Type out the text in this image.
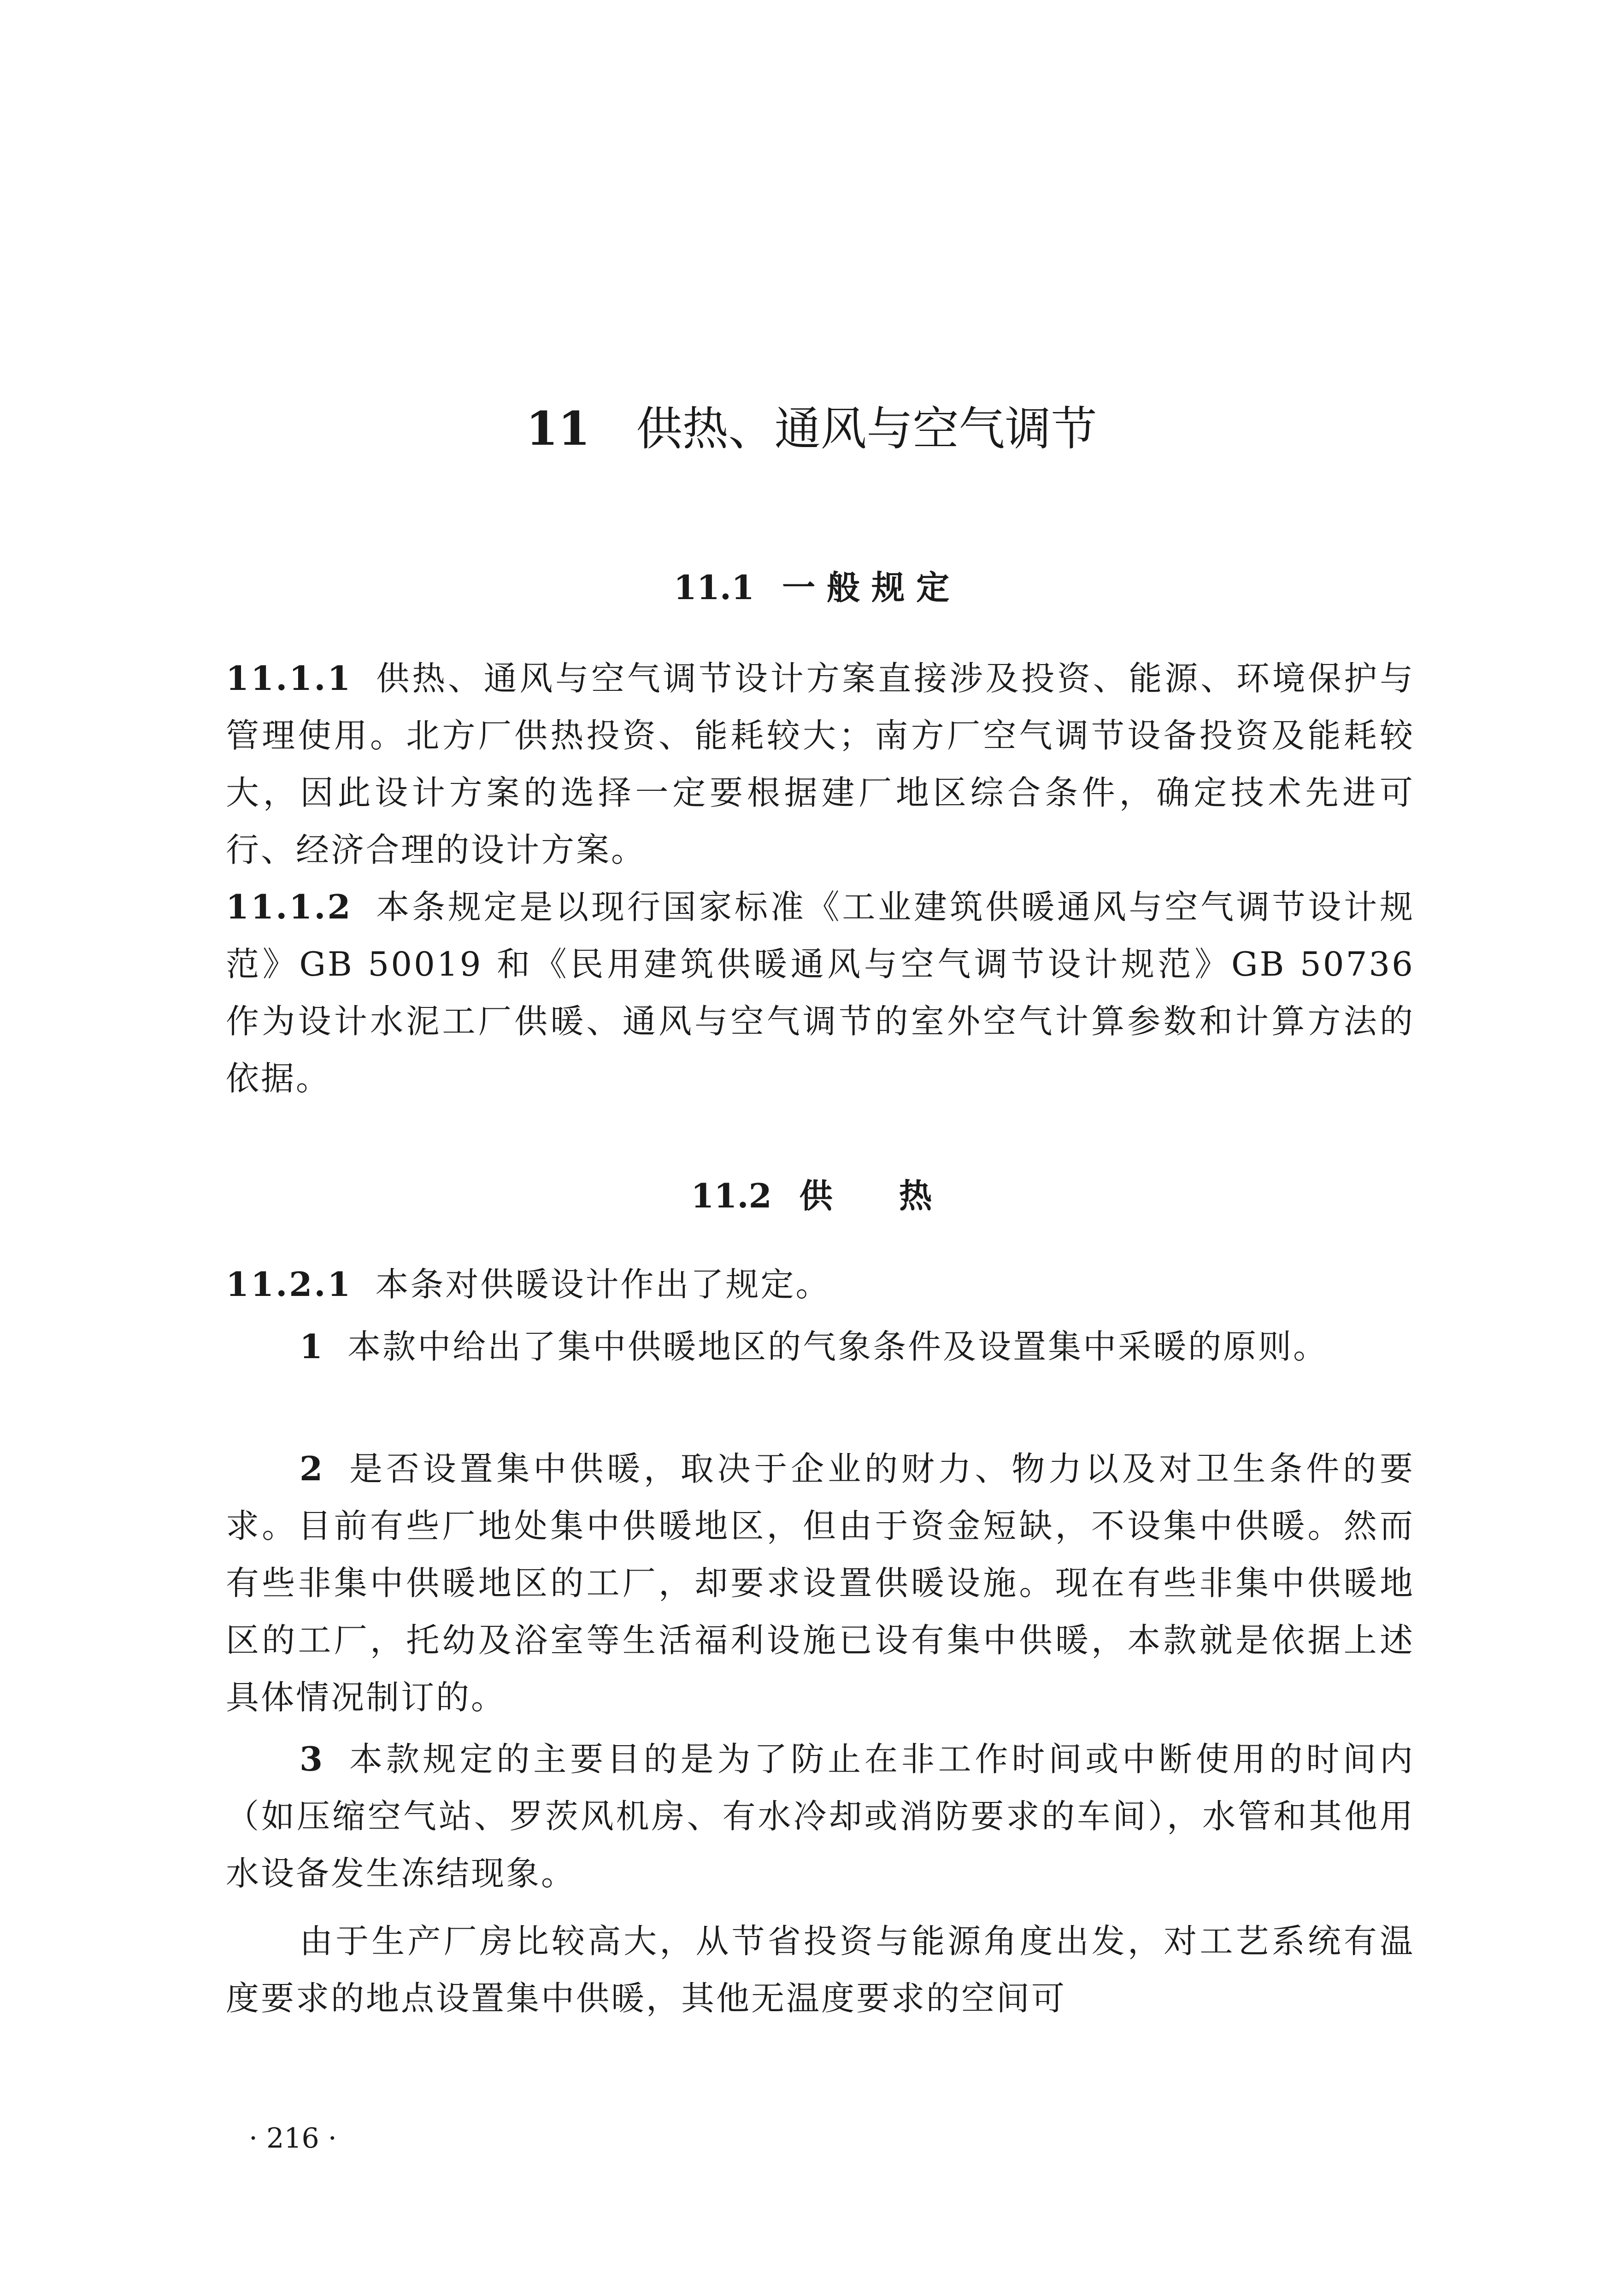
11 供热、通风与空气调节
11.1 一 般 规 定
11.1.1 供热、通风与空气调节设计方案直接涉及投资、能源、环境保护与管理使用。北方厂供热投资、能耗较大；南方厂空气调节设备投资及能耗较大，因此设计方案的选择一定要根据建厂地区综合条件，确定技术先进可行、经济合理的设计方案。
11.1.2 本条规定是以现行国家标准《工业建筑供暖通风与空气调节设计规范》GB 50019 和《民用建筑供暖通风与空气调节设计规范》GB 50736 作为设计水泥工厂供暖、通风与空气调节的室外空气计算参数和计算方法的依据。
11.2 供　　热
11.2.1 本条对供暖设计作出了规定。
1 本款中给出了集中供暖地区的气象条件及设置集中采暖的原则。
2 是否设置集中供暖，取决于企业的财力、物力以及对卫生条件的要求。目前有些厂地处集中供暖地区，但由于资金短缺，不设集中供暖。然而有些非集中供暖地区的工厂，却要求设置供暖设施。现在有些非集中供暖地区的工厂，托幼及浴室等生活福利设施已设有集中供暖，本款就是依据上述具体情况制订的。
3 本款规定的主要目的是为了防止在非工作时间或中断使用的时间内（如压缩空气站、罗茨风机房、有水冷却或消防要求的车间），水管和其他用水设备发生冻结现象。
由于生产厂房比较高大，从节省投资与能源角度出发，对工艺系统有温度要求的地点设置集中供暖，其他无温度要求的空间可
· 216 ·
